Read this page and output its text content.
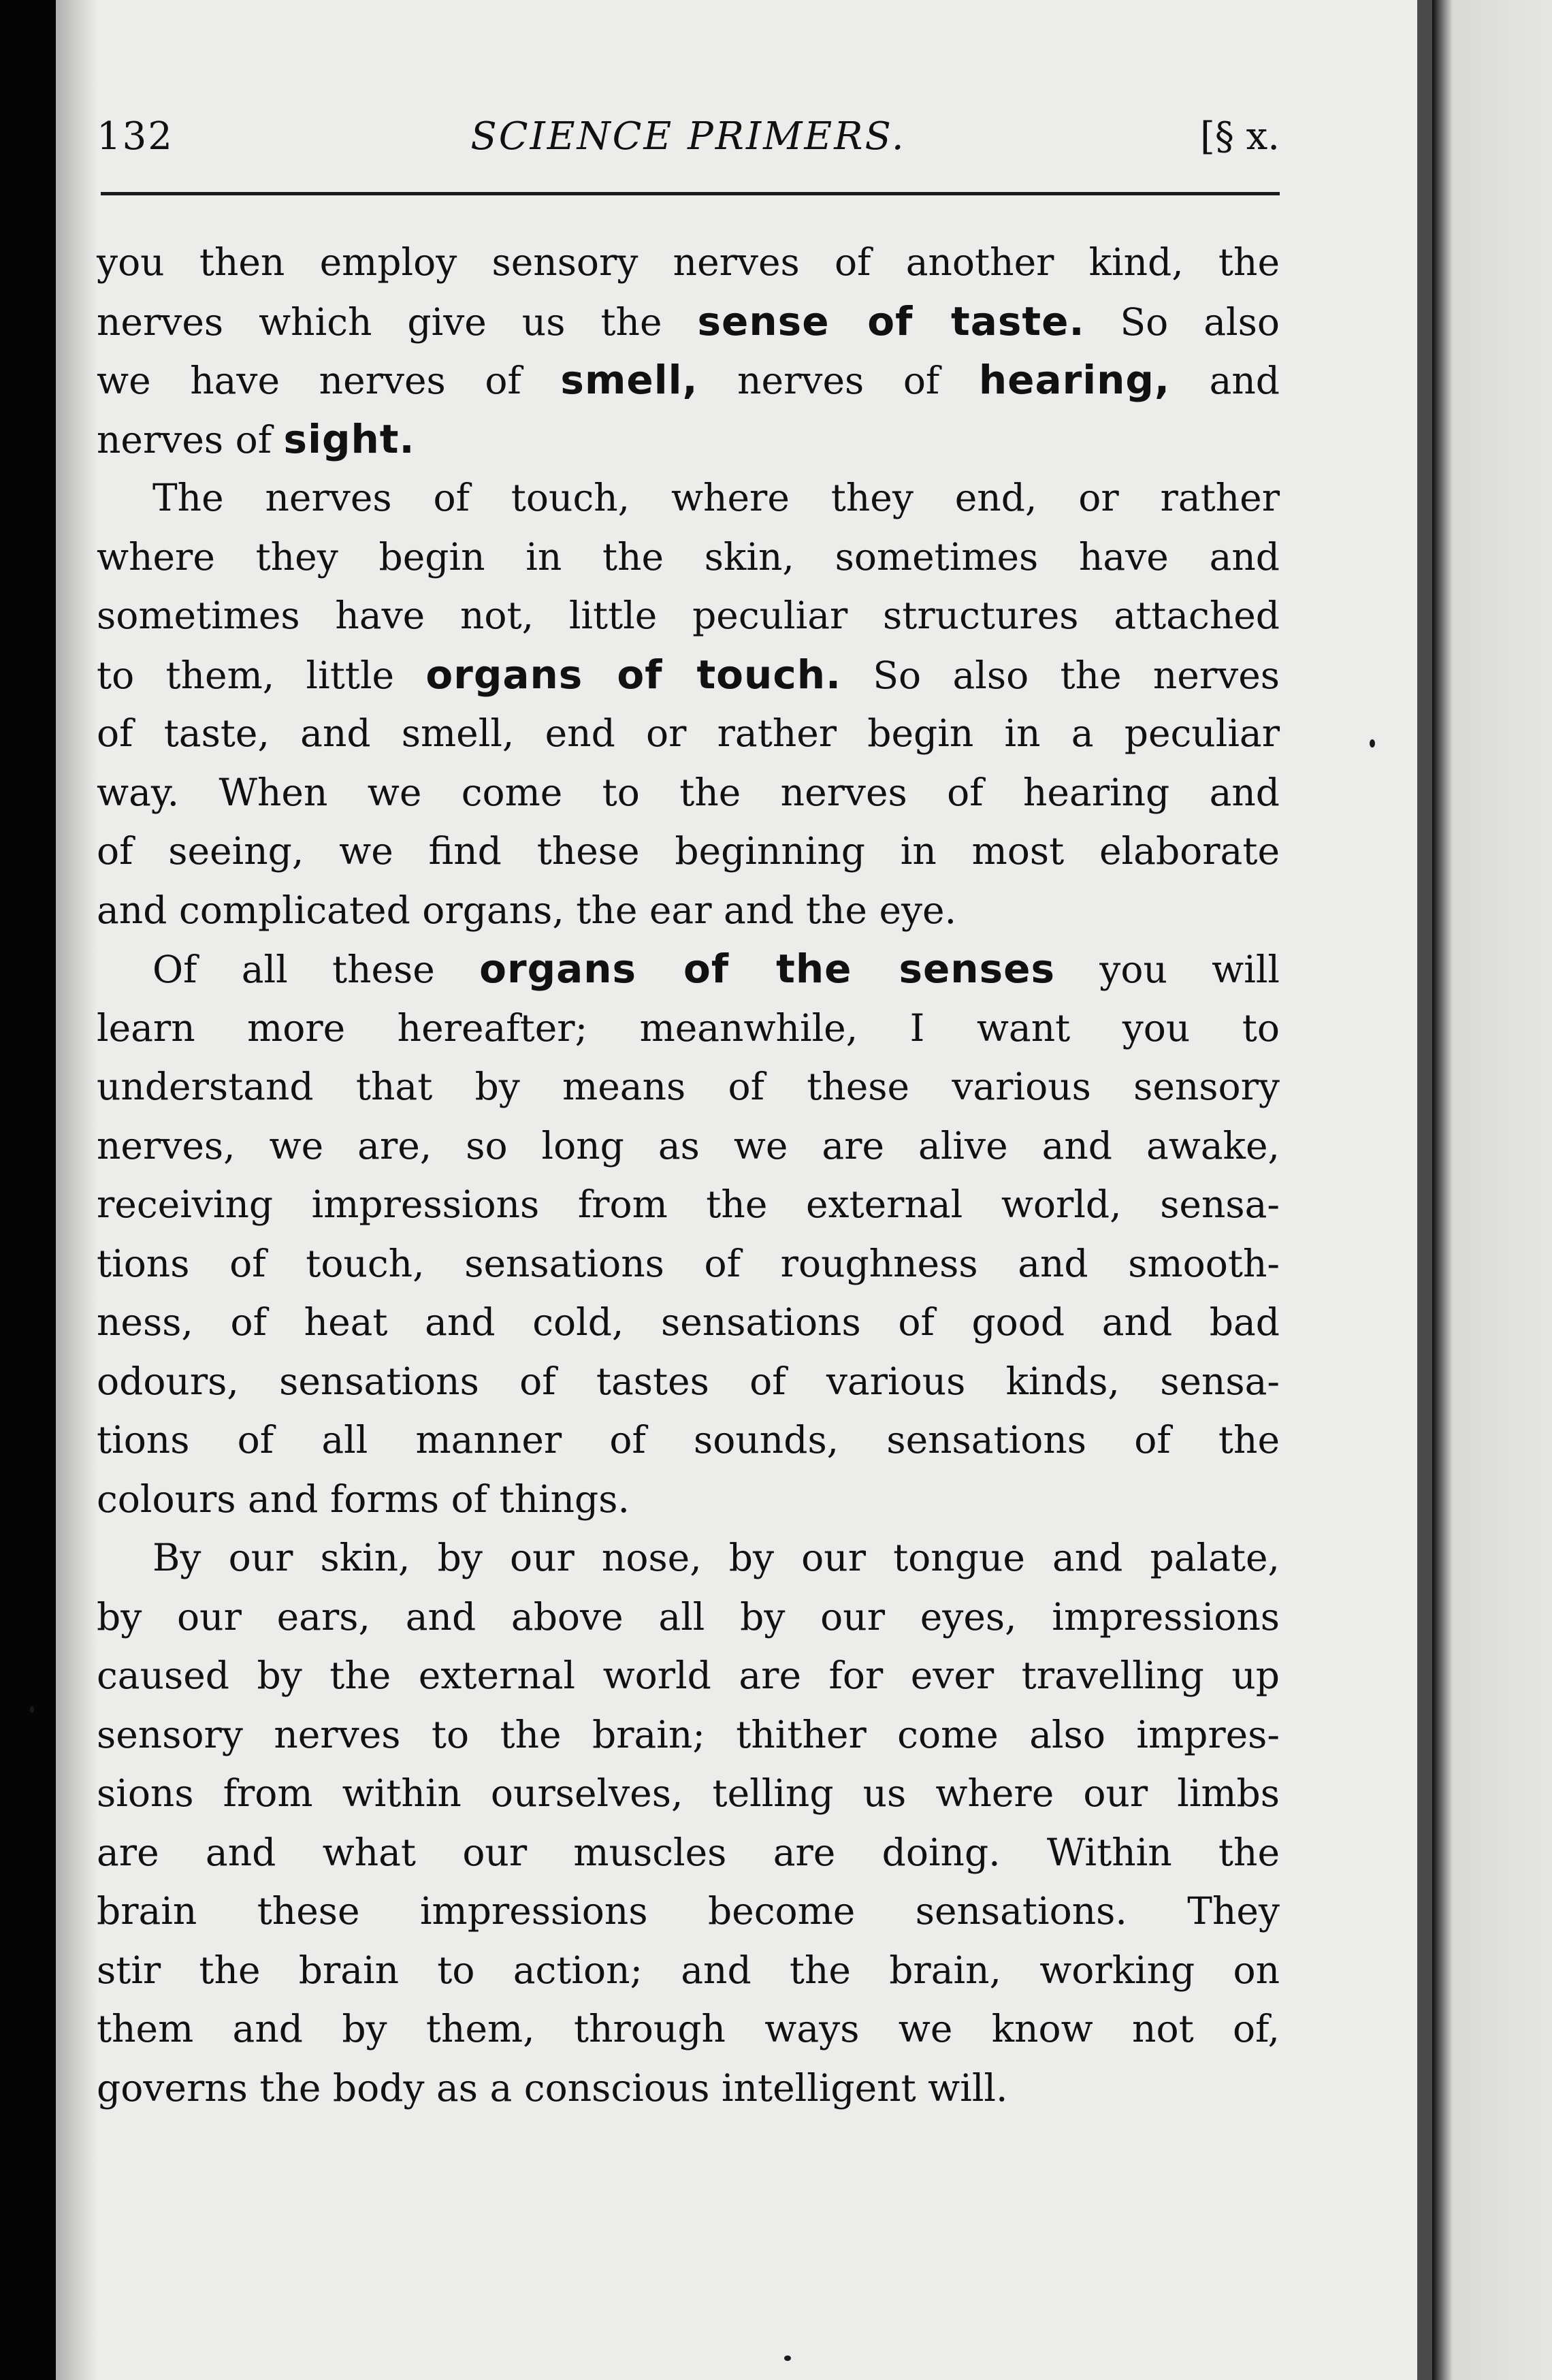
132	SCIENCE PRIMERS.	[§ x.
you then employ sensory nerves of another kind, the
nerves which give us the sense of taste. So also
we have nerves of smell, nerves of hearing, and
nerves of sight.
The nerves of touch, where they end, or rather
where they begin in the skin, sometimes have and
sometimes have not, little peculiar structures attached
to them, little organs of touch. So also the nerves
of taste, and smell, end or rather begin in a peculiar
way. When we come to the nerves of hearing and
of seeing, we find these beginning in most elaborate
and complicated organs, the ear and the eye.
Of all these organs of the senses you will
learn more hereafter; meanwhile, I want you to
understand that by means of these various sensory
nerves, we are, so long as we are alive and awake,
receiving impressions from the external world, sensa-
tions of touch, sensations of roughness and smooth-
ness, of heat and cold, sensations of good and bad
odours, sensations of tastes of various kinds, sensa-
tions of all manner of sounds, sensations of the
colours and forms of things.
By our skin, by our nose, by our tongue and palate,
by our ears, and above all by our eyes, impressions
caused by the external world are for ever travelling up
sensory nerves to the brain; thither come also impres-
sions from within ourselves, telling us where our limbs
are and what our muscles are doing. Within the
brain these impressions become sensations. They
stir the brain to action; and the brain, working on
them and by them, through ways we know not of,
governs the body as a conscious intelligent will.
